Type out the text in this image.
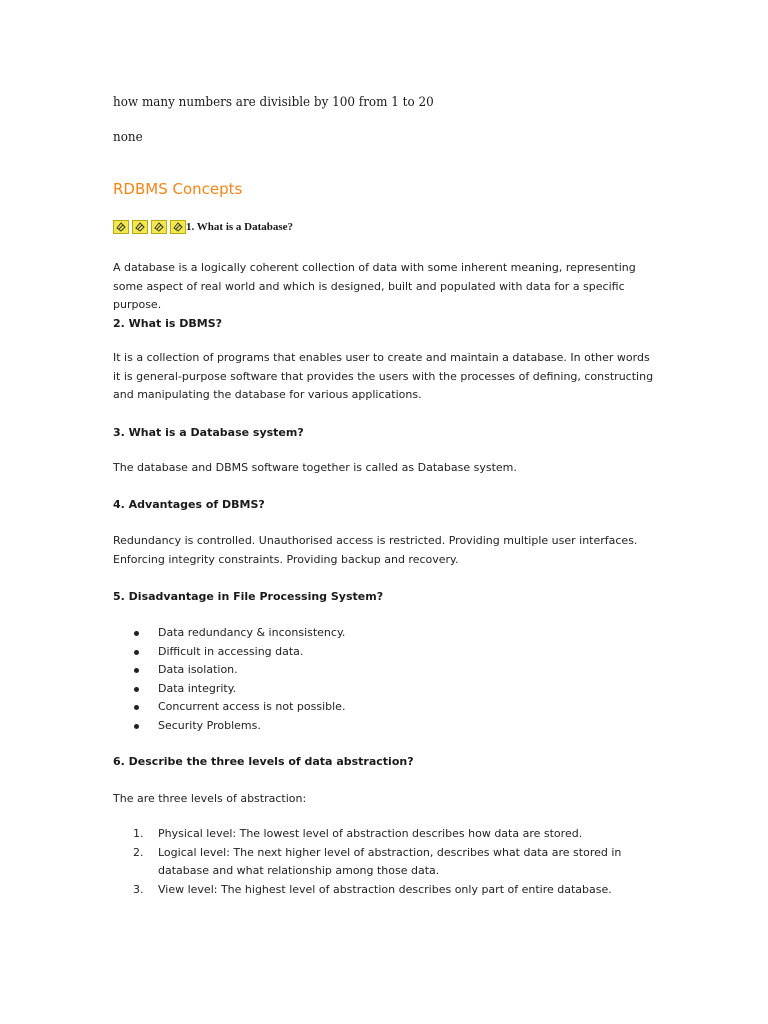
how many numbers are divisible by 100 from 1 to 20
none
RDBMS Concepts
1. What is a Database?
A database is a logically coherent collection of data with some inherent meaning, representing some aspect of real world and which is designed, built and populated with data for a specific purpose.
2. What is DBMS?
It is a collection of programs that enables user to create and maintain a database. In other words it is general-purpose software that provides the users with the processes of defining, constructing and manipulating the database for various applications.
3. What is a Database system?
The database and DBMS software together is called as Database system.
4. Advantages of DBMS?
Redundancy is controlled. Unauthorised access is restricted. Providing multiple user interfaces. Enforcing integrity constraints. Providing backup and recovery.
5. Disadvantage in File Processing System?
Data redundancy & inconsistency.
Difficult in accessing data.
Data isolation.
Data integrity.
Concurrent access is not possible.
Security Problems.
6. Describe the three levels of data abstraction?
The are three levels of abstraction:
1. Physical level: The lowest level of abstraction describes how data are stored.
2. Logical level: The next higher level of abstraction, describes what data are stored in database and what relationship among those data.
3. View level: The highest level of abstraction describes only part of entire database.
